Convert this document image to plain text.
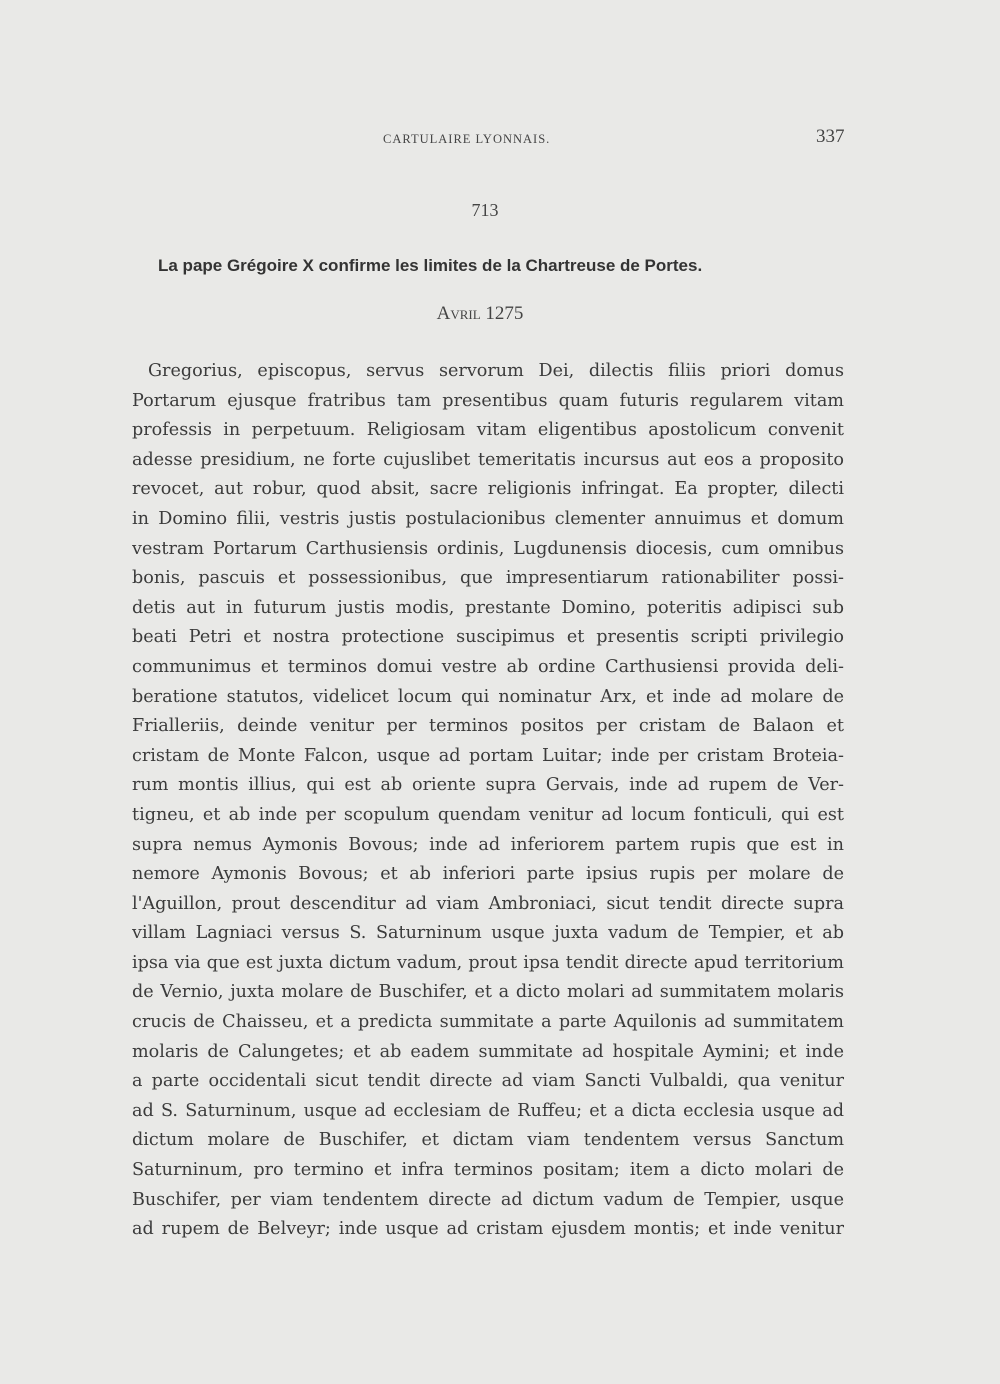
CARTULAIRE LYONNAIS.	337
713
La pape Grégoire X confirme les limites de la Chartreuse de Portes.
Avril 1275
Gregorius, episcopus, servus servorum Dei, dilectis filiis priori domus
Portarum ejusque fratribus tam presentibus quam futuris regularem vitam
professis in perpetuum. Religiosam vitam eligentibus apostolicum convenit
adesse presidium, ne forte cujuslibet temeritatis incursus aut eos a proposito
revocet, aut robur, quod absit, sacre religionis infringat. Ea propter, dilecti
in Domino filii, vestris justis postulacionibus clementer annuimus et domum
vestram Portarum Carthusiensis ordinis, Lugdunensis diocesis, cum omnibus
bonis, pascuis et possessionibus, que impresentiarum rationabiliter possi-
detis aut in futurum justis modis, prestante Domino, poteritis adipisci sub
beati Petri et nostra protectione suscipimus et presentis scripti privilegio
communimus et terminos domui vestre ab ordine Carthusiensi provida deli-
beratione statutos, videlicet locum qui nominatur Arx, et inde ad molare de
Frialleriis, deinde venitur per terminos positos per cristam de Balaon et
cristam de Monte Falcon, usque ad portam Luitar; inde per cristam Broteia-
rum montis illius, qui est ab oriente supra Gervais, inde ad rupem de Ver-
tigneu, et ab inde per scopulum quendam venitur ad locum fonticuli, qui est
supra nemus Aymonis Bovous; inde ad inferiorem partem rupis que est in
nemore Aymonis Bovous; et ab inferiori parte ipsius rupis per molare de
l'Aguillon, prout descenditur ad viam Ambroniaci, sicut tendit directe supra
villam Lagniaci versus S. Saturninum usque juxta vadum de Tempier, et ab
ipsa via que est juxta dictum vadum, prout ipsa tendit directe apud territorium
de Vernio, juxta molare de Buschifer, et a dicto molari ad summitatem molaris
crucis de Chaisseu, et a predicta summitate a parte Aquilonis ad summitatem
molaris de Calungetes; et ab eadem summitate ad hospitale Aymini; et inde
a parte occidentali sicut tendit directe ad viam Sancti Vulbaldi, qua venitur
ad S. Saturninum, usque ad ecclesiam de Ruffeu; et a dicta ecclesia usque ad
dictum molare de Buschifer, et dictam viam tendentem versus Sanctum
Saturninum, pro termino et infra terminos positam; item a dicto molari de
Buschifer, per viam tendentem directe ad dictum vadum de Tempier, usque
ad rupem de Belveyr; inde usque ad cristam ejusdem montis; et inde venitur
